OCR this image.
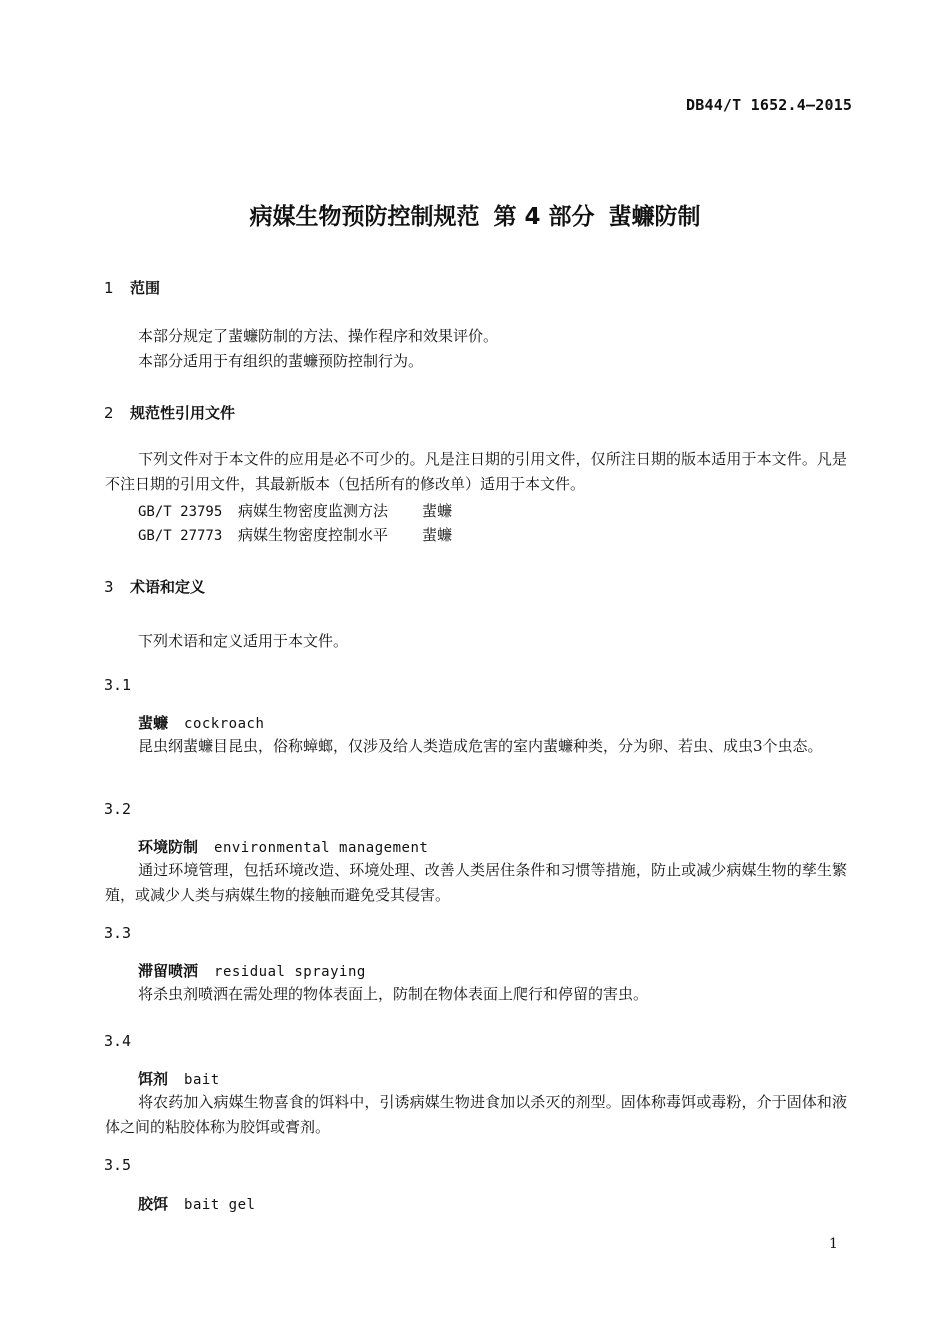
DB44/T 1652.4—2015
病媒生物预防控制规范 第 4 部分 蜚蠊防制
1 范围
本部分规定了蜚蠊防制的方法、操作程序和效果评价。
本部分适用于有组织的蜚蠊预防控制行为。
2 规范性引用文件
下列文件对于本文件的应用是必不可少的。凡是注日期的引用文件，仅所注日期的版本适用于本文件。凡是不注日期的引用文件，其最新版本（包括所有的修改单）适用于本文件。
GB/T 23795 病媒生物密度监测方法 蜚蠊
GB/T 27773 病媒生物密度控制水平 蜚蠊
3 术语和定义
下列术语和定义适用于本文件。
3.1
蜚蠊 cockroach
昆虫纲蜚蠊目昆虫，俗称蟑螂，仅涉及给人类造成危害的室内蜚蠊种类，分为卵、若虫、成虫3个虫态。
3.2
环境防制 environmental management
通过环境管理，包括环境改造、环境处理、改善人类居住条件和习惯等措施，防止或减少病媒生物的孳生繁殖，或减少人类与病媒生物的接触而避免受其侵害。
3.3
滞留喷洒 residual spraying
将杀虫剂喷洒在需处理的物体表面上，防制在物体表面上爬行和停留的害虫。
3.4
饵剂 bait
将农药加入病媒生物喜食的饵料中，引诱病媒生物进食加以杀灭的剂型。固体称毒饵或毒粉，介于固体和液体之间的粘胶体称为胶饵或膏剂。
3.5
胶饵 bait gel
1
